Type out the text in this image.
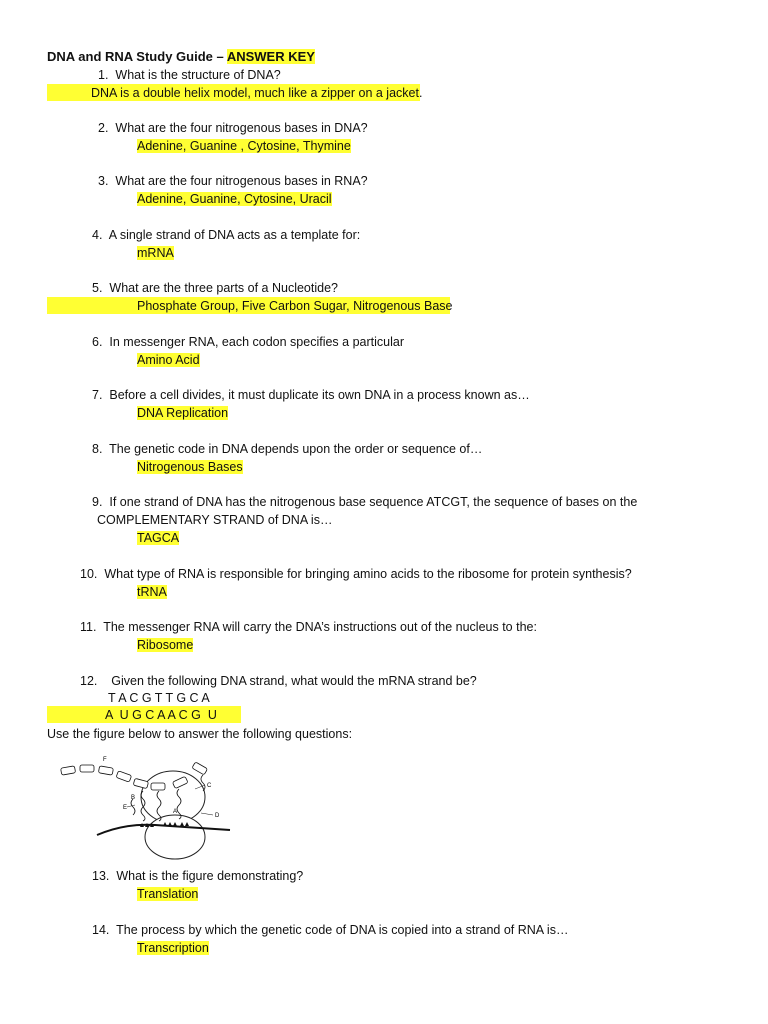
DNA and RNA Study Guide – ANSWER KEY
1. What is the structure of DNA?
DNA is a double helix model, much like a zipper on a jacket.
2. What are the four nitrogenous bases in DNA?
Adenine, Guanine , Cytosine, Thymine
3. What are the four nitrogenous bases in RNA?
Adenine, Guanine, Cytosine, Uracil
4. A single strand of DNA acts as a template for:
mRNA
5. What are the three parts of a Nucleotide?
Phosphate Group, Five Carbon Sugar, Nitrogenous Base
6. In messenger RNA, each codon specifies a particular
Amino Acid
7. Before a cell divides, it must duplicate its own DNA in a process known as…
DNA Replication
8. The genetic code in DNA depends upon the order or sequence of…
Nitrogenous Bases
9. If one strand of DNA has the nitrogenous base sequence ATCGT, the sequence of bases on the
COMPLEMENTARY STRAND of DNA is…
TAGCA
10. What type of RNA is responsible for bringing amino acids to the ribosome for protein synthesis?
tRNA
11. The messenger RNA will carry the DNA’s instructions out of the nucleus to the:
Ribosome
12. Given the following DNA strand, what would the mRNA strand be?
T A C G T T G C A
A  U G C A A C G  U
Use the figure below to answer the following questions:
F
C
D
E
B
A
13. What is the figure demonstrating?
Translation
14. The process by which the genetic code of DNA is copied into a strand of RNA is…
Transcription
